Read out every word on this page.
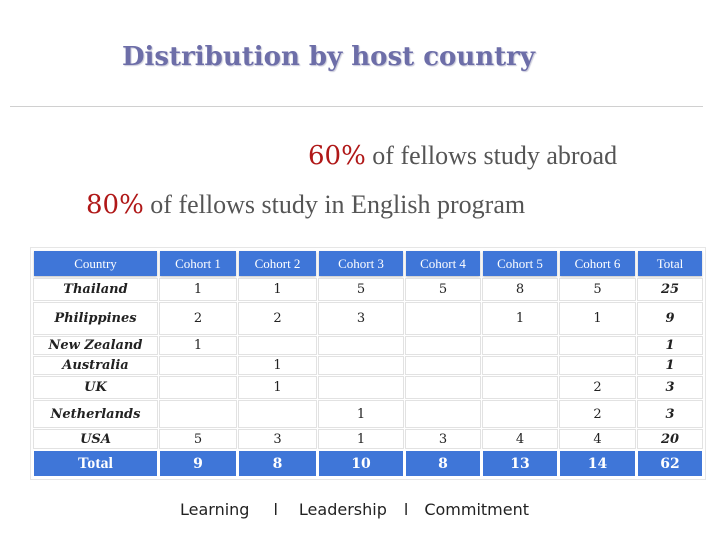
Distribution by host country
60% of fellows study abroad
80% of fellows study in English program
Country	Cohort 1	Cohort 2	Cohort 3	Cohort 4	Cohort 5	Cohort 6	Total
Thailand	1	1	5	5	8	5	25
Philippines	2	2	3		1	1	9
New Zealand	1						1
Australia		1					1
UK		1				2	3
Netherlands			1			2	3
USA	5	3	1	3	4	4	20
Total	9	8	10	8	13	14	62
Learning l Leadership l Commitment
